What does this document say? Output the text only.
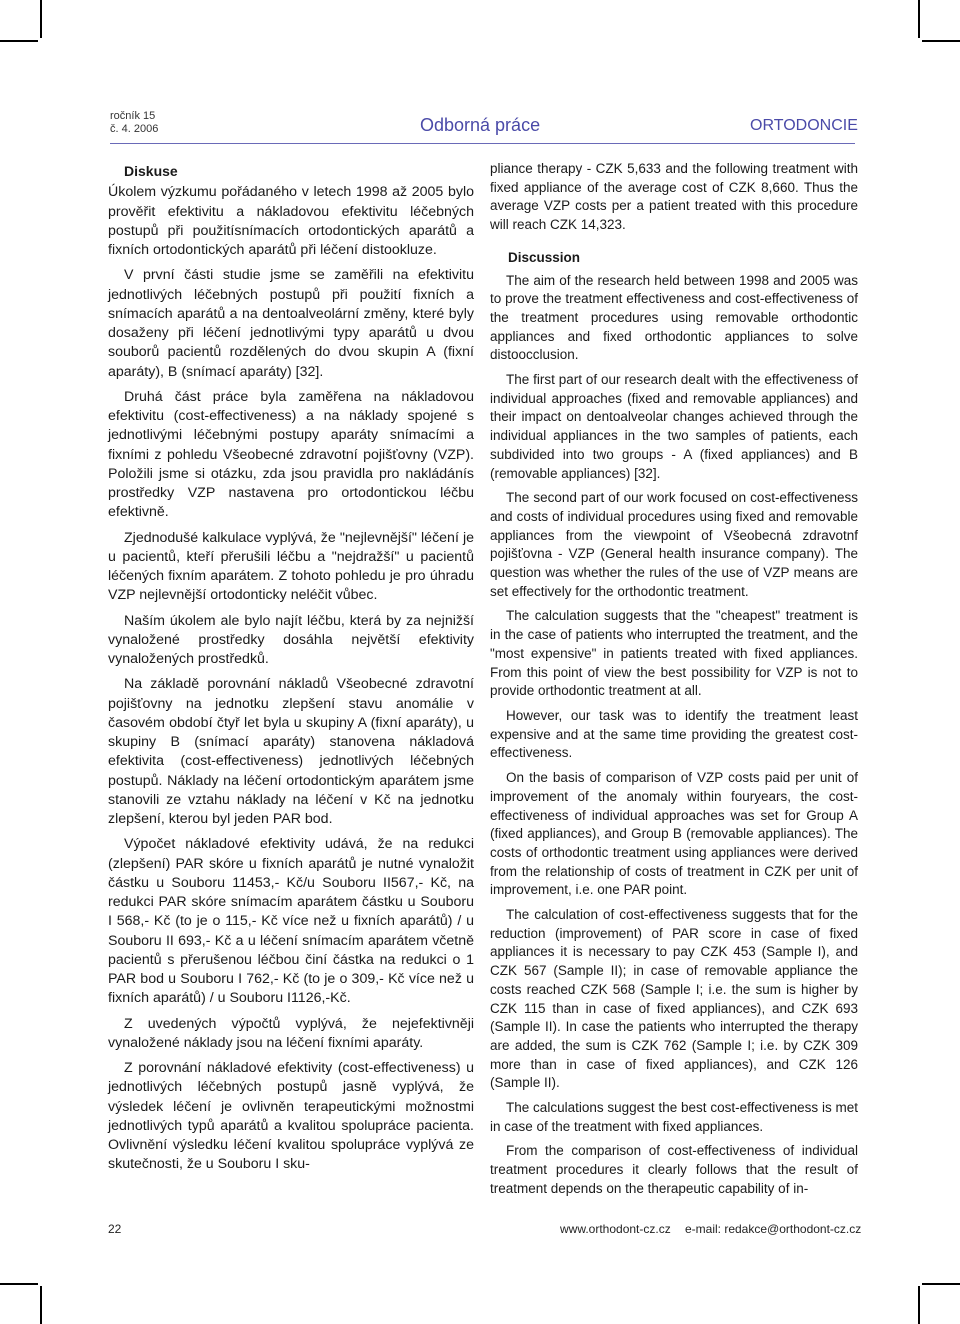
ročník 15
č. 4. 2006	Odborná práce	ORTODONCIE
Diskuse

Úkolem výzkumu pořádaného v letech 1998 až 2005 bylo prověřit efektivitu a nákladovou efektivitu léčebných postupů při použitísnímacích ortodontických aparátů a fixních ortodontických aparátů při léčení distookluze.

V první části studie jsme se zaměřili na efektivitu jednotlivých léčebných postupů při použití fixních a snímacích aparátů a na dentoalveolární změny, které byly dosaženy při léčení jednotlivými typy aparátů u dvou souborů pacientů rozdělených do dvou skupin A (fixní aparáty), B (snímací aparáty) [32].

Druhá část práce byla zaměřena na nákladovou efektivitu (cost-effectiveness) a na náklady spojené s jednotlivými léčebnými postupy aparáty snímacími a fixními z pohledu Všeobecné zdravotní pojišťovny (VZP). Položili jsme si otázku, zda jsou pravidla pro nakládánís prostředky VZP nastavena pro ortodontickou léčbu efektivně.

Zjednodušé kalkulace vyplývá, že "nejlevnější" léčení je u pacientů, kteří přerušili léčbu a "nejdražší" u pacientů léčených fixním aparátem. Z tohoto pohledu je pro úhradu VZP nejlevnější ortodonticky neléčit vůbec.

Naším úkolem ale bylo najít léčbu, která by za nejnižší vynaložené prostředky dosáhla největší efektivity vynaložených prostředků.

Na základě porovnání nákladů Všeobecné zdravotní pojišťovny na jednotku zlepšení stavu anomálie v časovém období čtyř let byla u skupiny A (fixní aparáty), u skupiny B (snímací aparáty) stanovena nákladová efektivita (cost-effectiveness) jednotlivých léčebných postupů. Náklady na léčení ortodontickým aparátem jsme stanovili ze vztahu náklady na léčení v Kč na jednotku zlepšení, kterou byl jeden PAR bod.

Výpočet nákladové efektivity udává, že na redukci (zlepšení) PAR skóre u fixních aparátů je nutné vynaložit částku u Souboru 11453,- Kč/u Souboru II567,- Kč, na redukci PAR skóre snímacím aparátem částku u Souboru I 568,- Kč (to je o 115,- Kč více než u fixních aparátů) / u Souboru II 693,- Kč a u léčení snímacím aparátem včetně pacientů s přerušenou léčbou činí částka na redukci o 1 PAR bod u Souboru I 762,- Kč (to je o 309,- Kč více než u fixních aparátů) / u Souboru I1126,-Kč.

Z uvedených výpočtů vyplývá, že nejefektivněji vynaložené náklady jsou na léčení fixními aparáty.

Z porovnání nákladové efektivity (cost-effectiveness) u jednotlivých léčebných postupů jasně vyplývá, že výsledek léčení je ovlivněn terapeutickými možnostmi jednotlivých typů aparátů a kvalitou spolupráce pacienta. Ovlivnění výsledku léčení kvalitou spolupráce vyplývá ze skutečnosti, že u Souboru I sku-

pliance therapy - CZK 5,633 and the following treatment with fixed appliance of the average cost of CZK 8,660. Thus the average VZP costs per a patient treated with this procedure will reach CZK 14,323.

Discussion

The aim of the research held between 1998 and 2005 was to prove the treatment effectiveness and cost-effectiveness of the treatment procedures using removable orthodontic appliances and fixed orthodontic appliances to solve distoocclusion.

The first part of our research dealt with the effectiveness of individual approaches (fixed and removable appliances) and their impact on dentoalveolar changes achieved through the individual appliances in the two samples of patients, each subdivided into two groups - A (fixed appliances) and B (removable appliances) [32].

The second part of our work focused on cost-effectiveness and costs of individual procedures using fixed and removable appliances from the viewpoint of Všeobecná zdravotnf pojišťovna - VZP (General health insurance company). The question was whether the rules of the use of VZP means are set effectively for the orthodontic treatment.

The calculation suggests that the "cheapest" treatment is in the case of patients who interrupted the treatment, and the "most expensive" in patients treated with fixed appliances. From this point of view the best possibility for VZP is not to provide orthodontic treatment at all.

However, our task was to identify the treatment least expensive and at the same time providing the greatest cost-effectiveness.

On the basis of comparison of VZP costs paid per unit of improvement of the anomaly within fouryears, the cost-effectiveness of individual approaches was set for Group A (fixed appliances), and Group B (removable appliances). The costs of orthodontic treatment using appliances were derived from the relationship of costs of treatment in CZK per unit of improvement, i.e. one PAR point.

The calculation of cost-effectiveness suggests that for the reduction (improvement) of PAR score in case of fixed appliances it is necessary to pay CZK 453 (Sample I), and CZK 567 (Sample II); in case of removable appliance the costs reached CZK 568 (Sample I; i.e. the sum is higher by CZK 115 than in case of fixed appliances), and CZK 693 (Sample II). In case the patients who interrupted the therapy are added, the sum is CZK 762 (Sample I; i.e. by CZK 309 more than in case of fixed appliances), and CZK 126 (Sample II).

The calculations suggest the best cost-effectiveness is met in case of the treatment with fixed appliances.

From the comparison of cost-effectiveness of individual treatment procedures it clearly follows that the result of treatment depends on the therapeutic capability of in-

22	www.orthodont-cz.cz e-mail: redakce@orthodont-cz.cz
